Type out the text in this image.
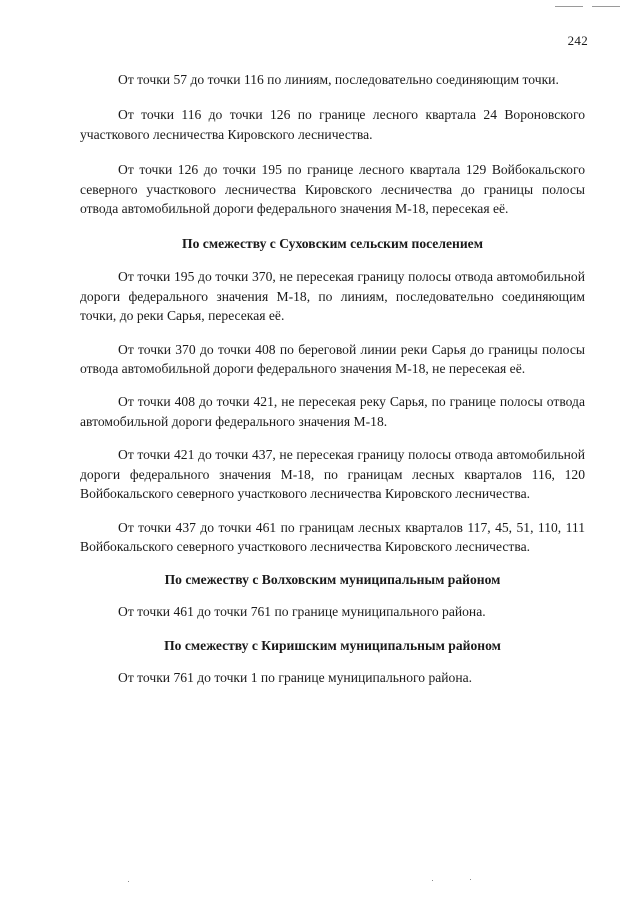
242

От точки 57 до точки 116 по линиям, последовательно соединяющим точки.

От точки 116 до точки 126 по границе лесного квартала 24 Вороновского участкового лесничества Кировского лесничества.

От точки 126 до точки 195 по границе лесного квартала 129 Войбокальского северного участкового лесничества Кировского лесничества до границы полосы отвода автомобильной дороги федерального значения М-18, пересекая её.

По смежеству с Суховским сельским поселением

От точки 195 до точки 370, не пересекая границу полосы отвода автомобильной дороги федерального значения М-18, по линиям, последовательно соединяющим точки, до реки Сарья, пересекая её.

От точки 370 до точки 408 по береговой линии реки Сарья до границы полосы отвода автомобильной дороги федерального значения М-18, не пересекая её.

От точки 408 до точки 421, не пересекая реку Сарья, по границе полосы отвода автомобильной дороги федерального значения М-18.

От точки 421 до точки 437, не пересекая границу полосы отвода автомобильной дороги федерального значения М-18, по границам лесных кварталов 116, 120 Войбокальского северного участкового лесничества Кировского лесничества.

От точки 437 до точки 461 по границам лесных кварталов 117, 45, 51, 110, 111 Войбокальского северного участкового лесничества Кировского лесничества.

По смежеству с Волховским муниципальным районом

От точки 461 до точки 761 по границе муниципального района.

По смежеству с Киришским муниципальным районом

От точки 761 до точки 1 по границе муниципального района.
